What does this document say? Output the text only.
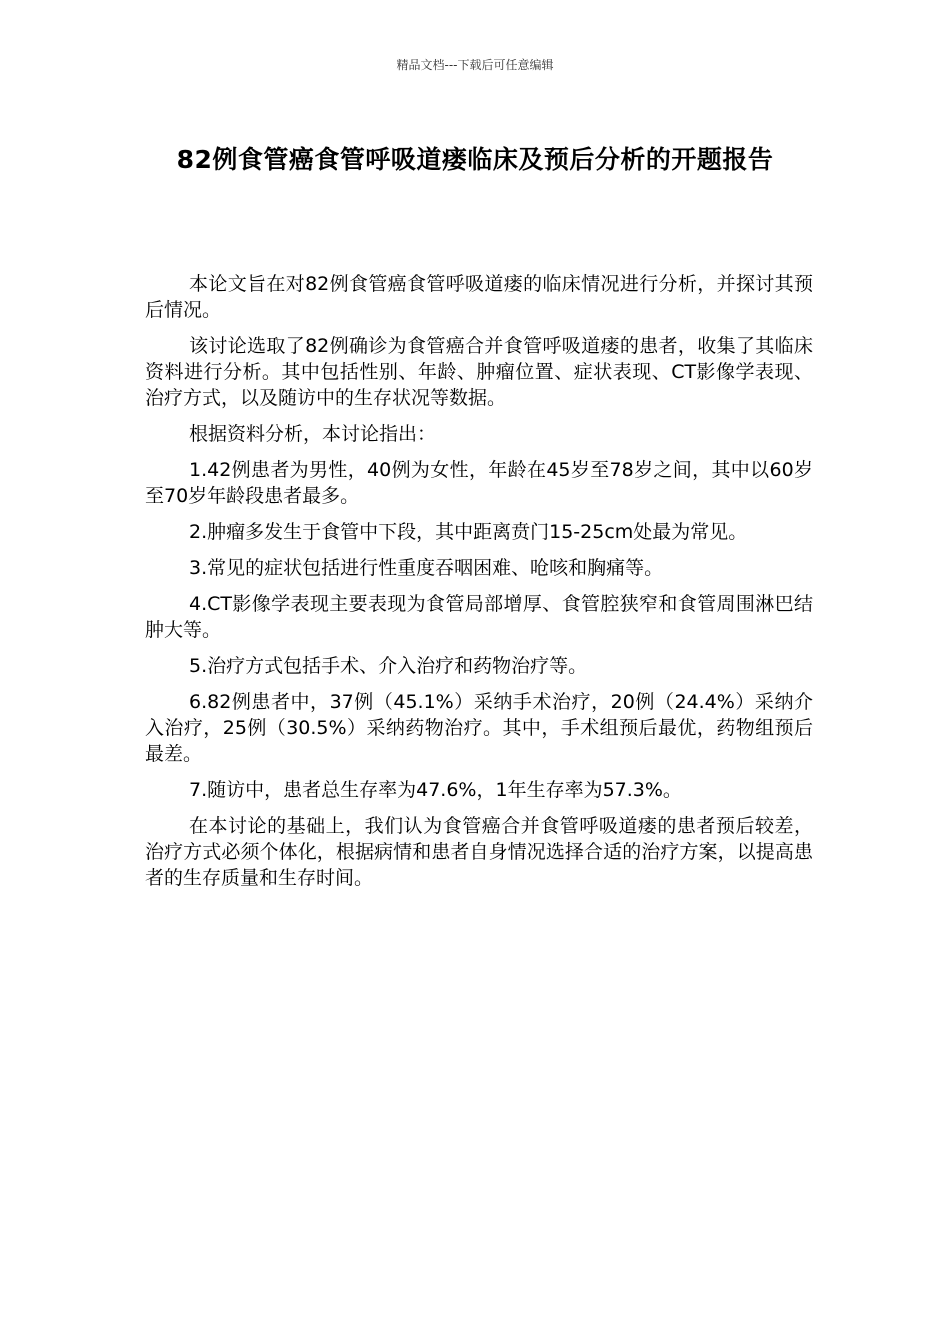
精品文档---下载后可任意编辑
82例食管癌食管呼吸道瘘临床及预后分析的开题报告

本论文旨在对82例食管癌食管呼吸道瘘的临床情况进行分析，并探讨其预后情况。

该讨论选取了82例确诊为食管癌合并食管呼吸道瘘的患者，收集了其临床资料进行分析。其中包括性别、年龄、肿瘤位置、症状表现、CT影像学表现、治疗方式，以及随访中的生存状况等数据。

根据资料分析，本讨论指出：

1.42例患者为男性，40例为女性，年龄在45岁至78岁之间，其中以60岁至70岁年龄段患者最多。

2.肿瘤多发生于食管中下段，其中距离贲门15-25cm处最为常见。

3.常见的症状包括进行性重度吞咽困难、呛咳和胸痛等。

4.CT影像学表现主要表现为食管局部增厚、食管腔狭窄和食管周围淋巴结肿大等。

5.治疗方式包括手术、介入治疗和药物治疗等。

6.82例患者中，37例（45.1%）采纳手术治疗，20例（24.4%）采纳介入治疗，25例（30.5%）采纳药物治疗。其中，手术组预后最优，药物组预后最差。

7.随访中，患者总生存率为47.6%，1年生存率为57.3%。

在本讨论的基础上，我们认为食管癌合并食管呼吸道瘘的患者预后较差，治疗方式必须个体化，根据病情和患者自身情况选择合适的治疗方案，以提高患者的生存质量和生存时间。
